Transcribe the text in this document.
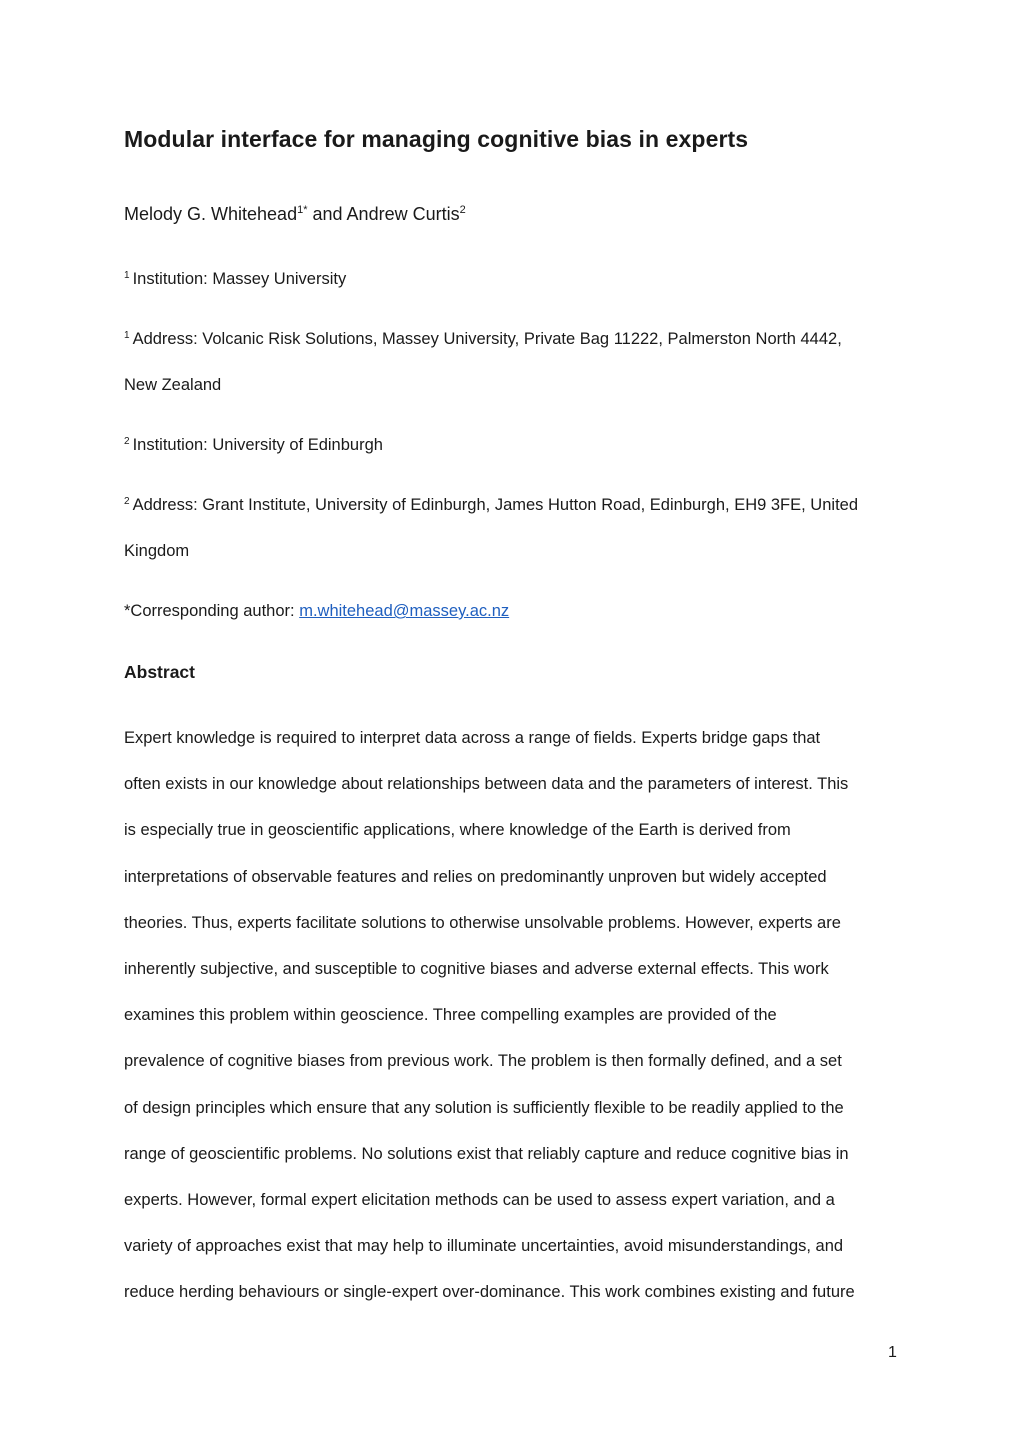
Modular interface for managing cognitive bias in experts
Melody G. Whitehead$^{1*}$ and Andrew Curtis$^2$
$^1$ Institution: Massey University
$^1$ Address: Volcanic Risk Solutions, Massey University, Private Bag 11222, Palmerston North 4442,
New Zealand
$^2$ Institution: University of Edinburgh
$^2$ Address: Grant Institute, University of Edinburgh, James Hutton Road, Edinburgh, EH9 3FE, United
Kingdom
*Corresponding author: m.whitehead@massey.ac.nz
Abstract
Expert knowledge is required to interpret data across a range of fields. Experts bridge gaps that
often exists in our knowledge about relationships between data and the parameters of interest. This
is especially true in geoscientific applications, where knowledge of the Earth is derived from
interpretations of observable features and relies on predominantly unproven but widely accepted
theories. Thus, experts facilitate solutions to otherwise unsolvable problems. However, experts are
inherently subjective, and susceptible to cognitive biases and adverse external effects. This work
examines this problem within geoscience. Three compelling examples are provided of the
prevalence of cognitive biases from previous work. The problem is then formally defined, and a set
of design principles which ensure that any solution is sufficiently flexible to be readily applied to the
range of geoscientific problems. No solutions exist that reliably capture and reduce cognitive bias in
experts. However, formal expert elicitation methods can be used to assess expert variation, and a
variety of approaches exist that may help to illuminate uncertainties, avoid misunderstandings, and
reduce herding behaviours or single-expert over-dominance. This work combines existing and future
1
